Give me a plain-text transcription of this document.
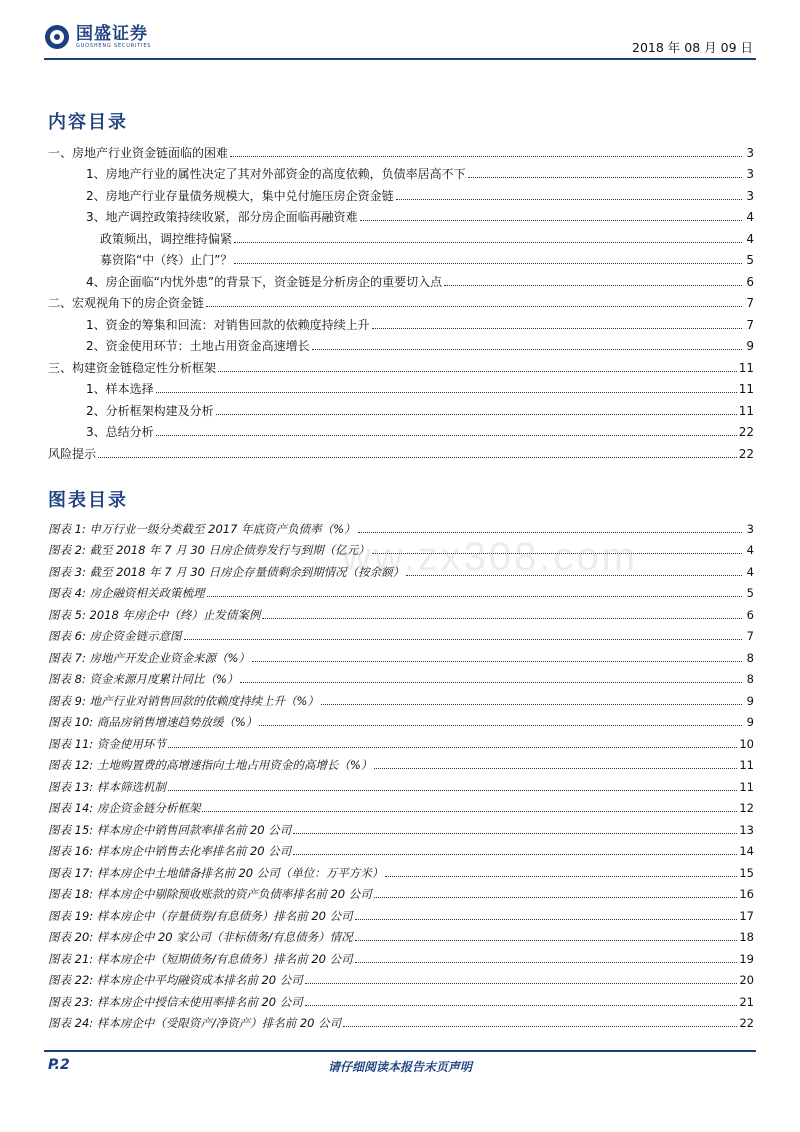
国盛证券
GUOSHENG SECURITIES	2018 年 08 月 09 日
内容目录
一、房地产行业资金链面临的困难	3
1、房地产行业的属性决定了其对外部资金的高度依赖，负债率居高不下	3
2、房地产行业存量债务规模大，集中兑付施压房企资金链	3
3、地产调控政策持续收紧，部分房企面临再融资难	4
政策频出，调控维持偏紧	4
募资陷“中（终）止门”？	5
4、房企面临“内忧外患”的背景下，资金链是分析房企的重要切入点	6
二、宏观视角下的房企资金链	7
1、资金的筹集和回流：对销售回款的依赖度持续上升	7
2、资金使用环节：土地占用资金高速增长	9
三、构建资金链稳定性分析框架	11
1、样本选择	11
2、分析框架构建及分析	11
3、总结分析	22
风险提示	22
图表目录
图表 1: 申万行业一级分类截至 2017 年底资产负债率（%）	3
图表 2: 截至 2018 年 7 月 30 日房企债券发行与到期（亿元）	4
图表 3: 截至 2018 年 7 月 30 日房企存量债剩余到期情况（按余额）	4
图表 4: 房企融资相关政策梳理	5
图表 5: 2018 年房企中（终）止发债案例	6
图表 6: 房企资金链示意图	7
图表 7: 房地产开发企业资金来源（%）	8
图表 8: 资金来源月度累计同比（%）	8
图表 9: 地产行业对销售回款的依赖度持续上升（%）	9
图表 10: 商品房销售增速趋势放缓（%）	9
图表 11: 资金使用环节	10
图表 12: 土地购置费的高增速指向土地占用资金的高增长（%）	11
图表 13: 样本筛选机制	11
图表 14: 房企资金链分析框架	12
图表 15: 样本房企中销售回款率排名前 20 公司	13
图表 16: 样本房企中销售去化率排名前 20 公司	14
图表 17: 样本房企中土地储备排名前 20 公司（单位：万平方米）	15
图表 18: 样本房企中剔除预收账款的资产负债率排名前 20 公司	16
图表 19: 样本房企中（存量债券/有息债务）排名前 20 公司	17
图表 20: 样本房企中 20 家公司（非标债务/有息债务）情况	18
图表 21: 样本房企中（短期债务/有息债务）排名前 20 公司	19
图表 22: 样本房企中平均融资成本排名前 20 公司	20
图表 23: 样本房企中授信未使用率排名前 20 公司	21
图表 24: 样本房企中（受限资产/净资产）排名前 20 公司	22
ww.zx308.com
P.2	请仔细阅读本报告末页声明
